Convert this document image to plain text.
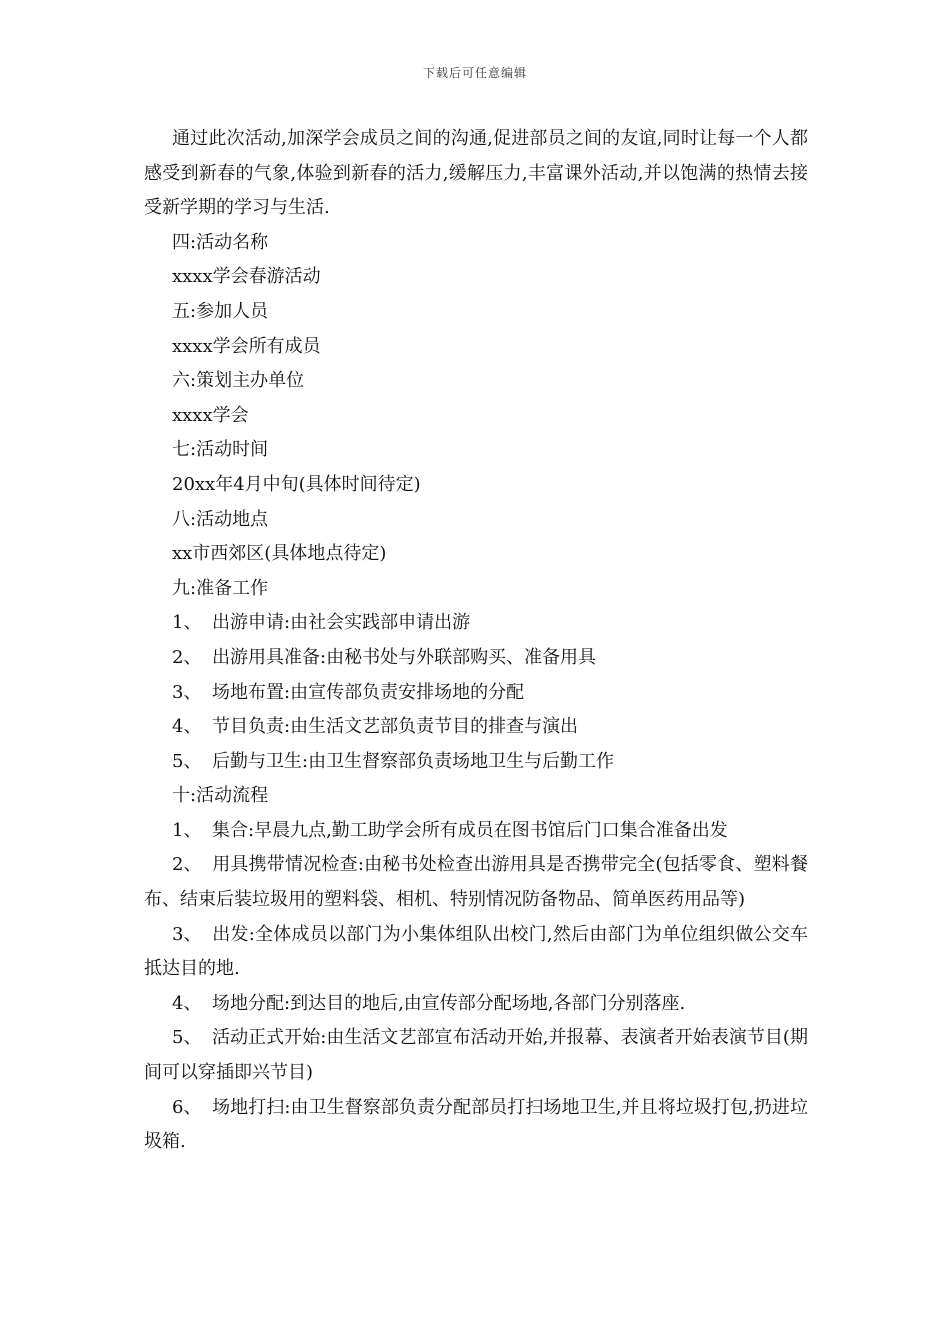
下载后可任意编辑

通过此次活动,加深学会成员之间的沟通,促进部员之间的友谊,同时让每一个人都感受到新春的气象,体验到新春的活力,缓解压力,丰富课外活动,并以饱满的热情去接受新学期的学习与生活.

四:活动名称

xxxx学会春游活动

五:参加人员

xxxx学会所有成员

六:策划主办单位

xxxx学会

七:活动时间

20xx年4月中旬(具体时间待定)

八:活动地点

xx市西郊区(具体地点待定)

九:准备工作

1、 出游申请:由社会实践部申请出游

2、 出游用具准备:由秘书处与外联部购买、准备用具

3、 场地布置:由宣传部负责安排场地的分配

4、 节目负责:由生活文艺部负责节目的排查与演出

5、 后勤与卫生:由卫生督察部负责场地卫生与后勤工作

十:活动流程

1、 集合:早晨九点,勤工助学会所有成员在图书馆后门口集合准备出发

2、 用具携带情况检查:由秘书处检查出游用具是否携带完全(包括零食、塑料餐布、结束后装垃圾用的塑料袋、相机、特别情况防备物品、简单医药用品等)

3、 出发:全体成员以部门为小集体组队出校门,然后由部门为单位组织做公交车抵达目的地.

4、 场地分配:到达目的地后,由宣传部分配场地,各部门分别落座.

5、 活动正式开始:由生活文艺部宣布活动开始,并报幕、表演者开始表演节目(期间可以穿插即兴节目)

6、 场地打扫:由卫生督察部负责分配部员打扫场地卫生,并且将垃圾打包,扔进垃圾箱.
